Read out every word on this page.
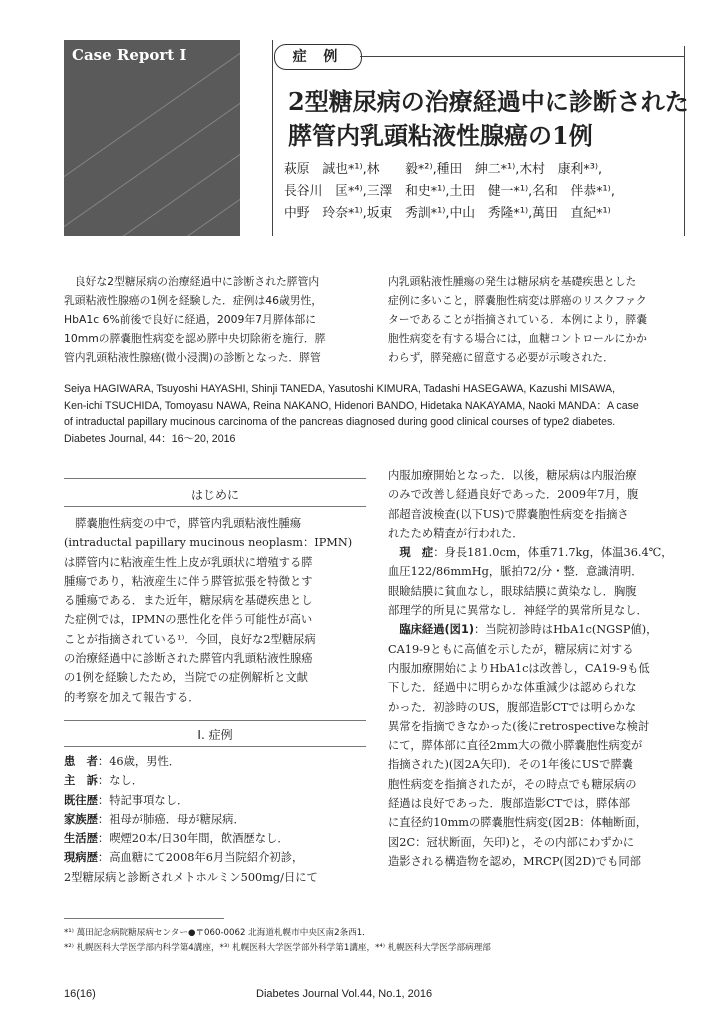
Case Report I	症 例
2型糖尿病の治療経過中に診断された
膵管内乳頭粘液性腺癌の1例
萩原　誠也*¹⁾,林　　毅*²⁾,種田　紳二*¹⁾,木村　康利*³⁾,
長谷川　匡*⁴⁾,三澤　和史*¹⁾,土田　健一*¹⁾,名和　伴恭*¹⁾,
中野　玲奈*¹⁾,坂東　秀訓*¹⁾,中山　秀隆*¹⁾,萬田　直紀*¹⁾
　良好な2型糖尿病の治療経過中に診断された膵管内
乳頭粘液性腺癌の1例を経験した．症例は46歳男性，
HbA1c 6%前後で良好に経過，2009年7月膵体部に
10mmの膵嚢胞性病変を認め膵中央切除術を施行．膵
管内乳頭粘液性腺癌(微小浸潤)の診断となった．膵管
内乳頭粘液性腫瘍の発生は糖尿病を基礎疾患とした
症例に多いこと，膵嚢胞性病変は膵癌のリスクファク
ターであることが指摘されている．本例により，膵嚢
胞性病変を有する場合には，血糖コントロールにかか
わらず，膵発癌に留意する必要が示唆された．
Seiya HAGIWARA, Tsuyoshi HAYASHI, Shinji TANEDA, Yasutoshi KIMURA, Tadashi HASEGAWA, Kazushi MISAWA,
Ken-ichi TSUCHIDA, Tomoyasu NAWA, Reina NAKANO, Hidenori BANDO, Hidetaka NAKAYAMA, Naoki MANDA：A case
of intraductal papillary mucinous carcinoma of the pancreas diagnosed during good clinical courses of type2 diabetes.
Diabetes Journal, 44：16〜20, 2016
はじめに
　膵嚢胞性病変の中で，膵管内乳頭粘液性腫瘍
(intraductal papillary mucinous neoplasm：IPMN)
は膵管内に粘液産生性上皮が乳頭状に増殖する膵
腫瘍であり，粘液産生に伴う膵管拡張を特徴とす
る腫瘍である．また近年，糖尿病を基礎疾患とし
た症例では，IPMNの悪性化を伴う可能性が高い
ことが指摘されている¹⁾．今回，良好な2型糖尿病
の治療経過中に診断された膵管内乳頭粘液性腺癌
の1例を経験したため，当院での症例解析と文献
的考察を加えて報告する．
I. 症例
患　者：46歳，男性．
主　訴：なし．
既往歴：特記事項なし．
家族歴：祖母が肺癌．母が糖尿病．
生活歴：喫煙20本/日30年間，飲酒歴なし．
現病歴：高血糖にて2008年6月当院紹介初診，
2型糖尿病と診断されメトホルミン500mg/日にて
内服加療開始となった．以後，糖尿病は内服治療
のみで改善し経過良好であった．2009年7月，腹
部超音波検査(以下US)で膵嚢胞性病変を指摘さ
れたため精査が行われた．
　現　症：身長181.0cm，体重71.7kg，体温36.4℃，
血圧122/86mmHg，脈拍72/分・整．意識清明．
眼瞼結膜に貧血なし，眼球結膜に黄染なし．胸腹
部理学的所見に異常なし．神経学的異常所見なし．
　臨床経過(図1)：当院初診時はHbA1c(NGSP値)，
CA19-9ともに高値を示したが，糖尿病に対する
内服加療開始によりHbA1cは改善し，CA19-9も低
下した．経過中に明らかな体重減少は認められな
かった．初診時のUS，腹部造影CTでは明らかな
異常を指摘できなかった(後にretrospectiveな検討
にて，膵体部に直径2mm大の微小膵嚢胞性病変が
指摘された)(図2A矢印)．その1年後にUSで膵嚢
胞性病変を指摘されたが，その時点でも糖尿病の
経過は良好であった．腹部造影CTでは，膵体部
に直径約10mmの膵嚢胞性病変(図2B：体軸断面，
図2C：冠状断面，矢印)と，その内部にわずかに
造影される構造物を認め，MRCP(図2D)でも同部
*¹⁾ 萬田記念病院糖尿病センター●〒060-0062 北海道札幌市中央区南2条西1．
*²⁾ 札幌医科大学医学部内科学第4講座，*³⁾ 札幌医科大学医学部外科学第1講座，*⁴⁾ 札幌医科大学医学部病理部
16(16)	Diabetes Journal Vol.44, No.1, 2016
